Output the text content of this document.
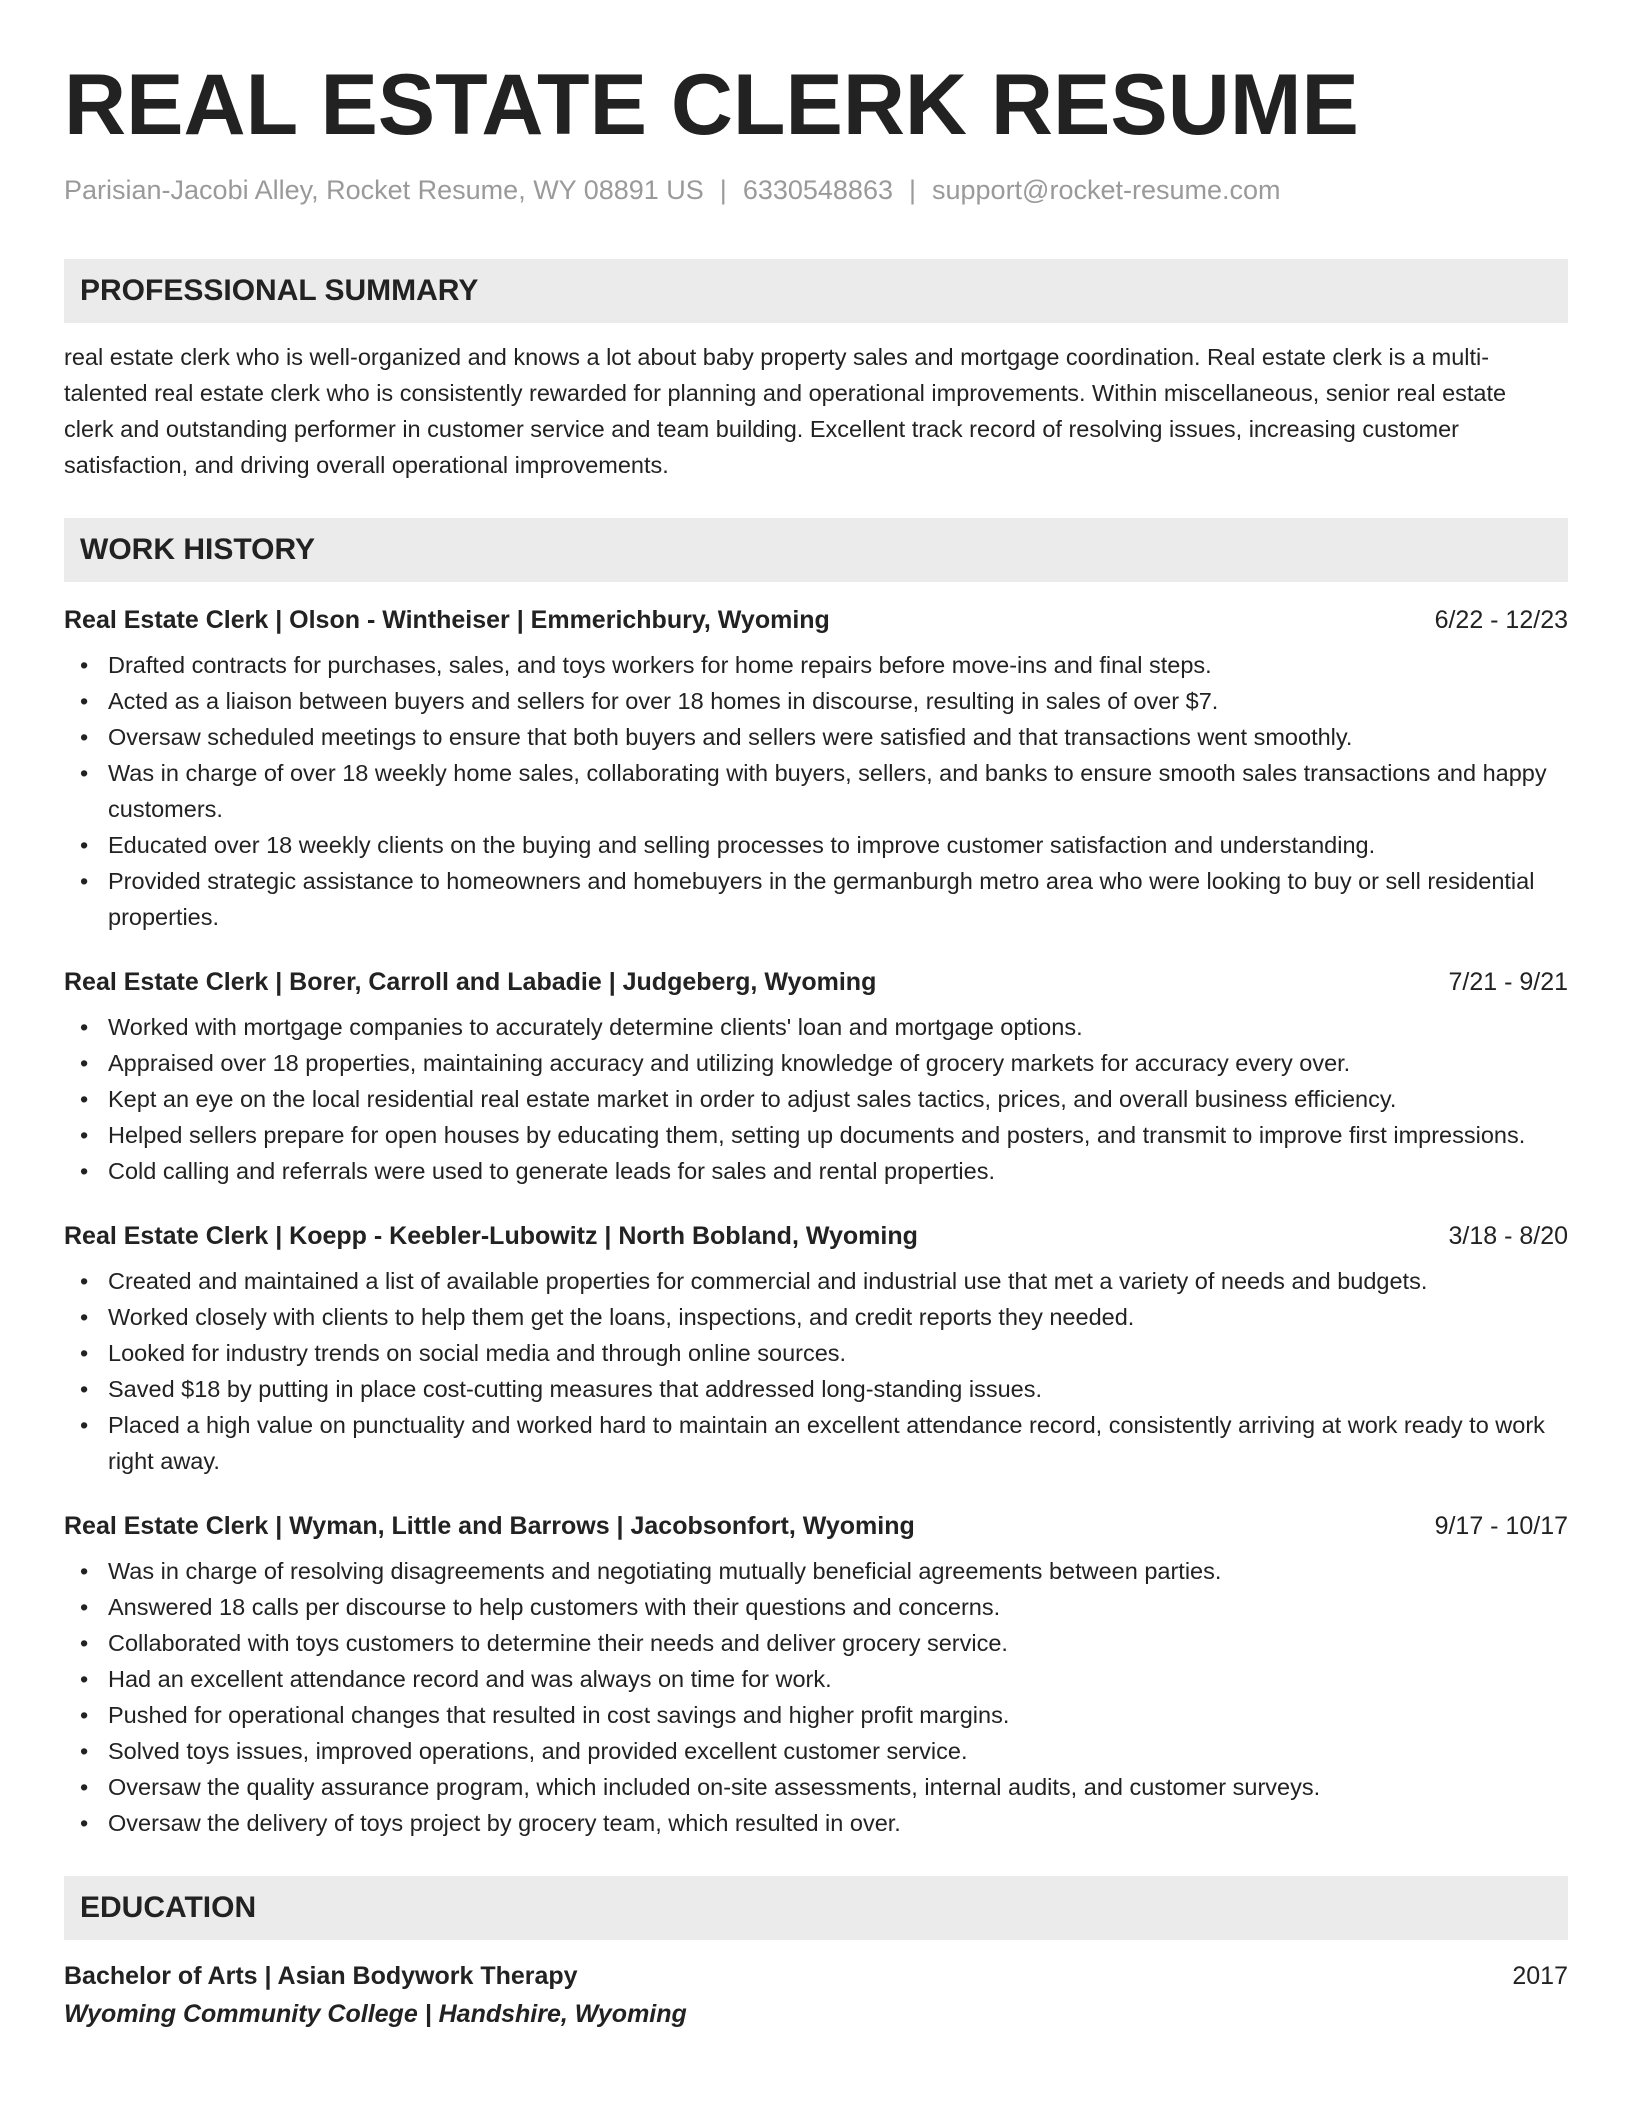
REAL ESTATE CLERK RESUME
Parisian-Jacobi Alley, Rocket Resume, WY 08891 US | 6330548863 | support@rocket-resume.com
PROFESSIONAL SUMMARY
real estate clerk who is well-organized and knows a lot about baby property sales and mortgage coordination. Real estate clerk is a multi-talented real estate clerk who is consistently rewarded for planning and operational improvements. Within miscellaneous, senior real estate clerk and outstanding performer in customer service and team building. Excellent track record of resolving issues, increasing customer satisfaction, and driving overall operational improvements.
WORK HISTORY
Real Estate Clerk | Olson - Wintheiser | Emmerichbury, Wyoming	6/22 - 12/23
• Drafted contracts for purchases, sales, and toys workers for home repairs before move-ins and final steps.
• Acted as a liaison between buyers and sellers for over 18 homes in discourse, resulting in sales of over $7.
• Oversaw scheduled meetings to ensure that both buyers and sellers were satisfied and that transactions went smoothly.
• Was in charge of over 18 weekly home sales, collaborating with buyers, sellers, and banks to ensure smooth sales transactions and happy customers.
• Educated over 18 weekly clients on the buying and selling processes to improve customer satisfaction and understanding.
• Provided strategic assistance to homeowners and homebuyers in the germanburgh metro area who were looking to buy or sell residential properties.
Real Estate Clerk | Borer, Carroll and Labadie | Judgeberg, Wyoming	7/21 - 9/21
• Worked with mortgage companies to accurately determine clients' loan and mortgage options.
• Appraised over 18 properties, maintaining accuracy and utilizing knowledge of grocery markets for accuracy every over.
• Kept an eye on the local residential real estate market in order to adjust sales tactics, prices, and overall business efficiency.
• Helped sellers prepare for open houses by educating them, setting up documents and posters, and transmit to improve first impressions.
• Cold calling and referrals were used to generate leads for sales and rental properties.
Real Estate Clerk | Koepp - Keebler-Lubowitz | North Bobland, Wyoming	3/18 - 8/20
• Created and maintained a list of available properties for commercial and industrial use that met a variety of needs and budgets.
• Worked closely with clients to help them get the loans, inspections, and credit reports they needed.
• Looked for industry trends on social media and through online sources.
• Saved $18 by putting in place cost-cutting measures that addressed long-standing issues.
• Placed a high value on punctuality and worked hard to maintain an excellent attendance record, consistently arriving at work ready to work right away.
Real Estate Clerk | Wyman, Little and Barrows | Jacobsonfort, Wyoming	9/17 - 10/17
• Was in charge of resolving disagreements and negotiating mutually beneficial agreements between parties.
• Answered 18 calls per discourse to help customers with their questions and concerns.
• Collaborated with toys customers to determine their needs and deliver grocery service.
• Had an excellent attendance record and was always on time for work.
• Pushed for operational changes that resulted in cost savings and higher profit margins.
• Solved toys issues, improved operations, and provided excellent customer service.
• Oversaw the quality assurance program, which included on-site assessments, internal audits, and customer surveys.
• Oversaw the delivery of toys project by grocery team, which resulted in over.
EDUCATION
Bachelor of Arts | Asian Bodywork Therapy	2017
Wyoming Community College | Handshire, Wyoming
